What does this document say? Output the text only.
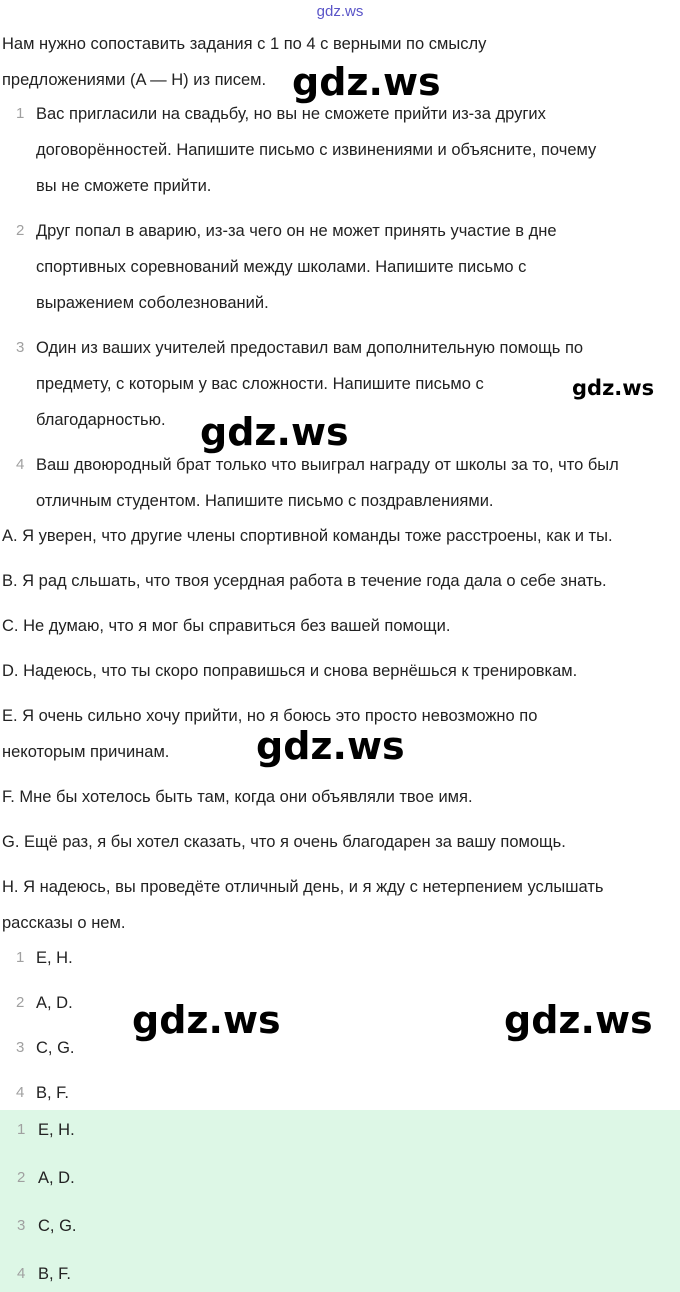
gdz.ws
Нам нужно сопоставить задания с 1 по 4 с верными по смыслу
предложениями (A — H) из писем.
1 Вас пригласили на свадьбу, но вы не сможете прийти из-за других
договорённостей. Напишите письмо с извинениями и объясните, почему
вы не сможете прийти.
2 Друг попал в аварию, из-за чего он не может принять участие в дне
спортивных соревнований между школами. Напишите письмо с
выражением соболезнований.
3 Один из ваших учителей предоставил вам дополнительную помощь по
предмету, с которым у вас сложности. Напишите письмо с
благодарностью.
4 Ваш двоюродный брат только что выиграл награду от школы за то, что был
отличным студентом. Напишите письмо с поздравлениями.
A. Я уверен, что другие члены спортивной команды тоже расстроены, как и ты.
B. Я рад сльшать, что твоя усердная работа в течение года дала о себе знать.
C. Не думаю, что я мог бы справиться без вашей помощи.
D. Надеюсь, что ты скоро поправишься и снова вернёшься к тренировкам.
E. Я очень сильно хочу прийти, но я боюсь это просто невозможно по
некоторым причинам.
F. Мне бы хотелось быть там, когда они объявляли твое имя.
G. Ещё раз, я бы хотел сказать, что я очень благодарен за вашу помощь.
H. Я надеюсь, вы проведёте отличный день, и я жду с нетерпением услышать
рассказы о нем.
1 E, H.
2 A, D.
3 C, G.
4 B, F.
1 E, H.
2 A, D.
3 C, G.
4 B, F.
gdz.ws
gdz.ws
gdz.ws
gdz.ws
gdz.ws	gdz.ws
